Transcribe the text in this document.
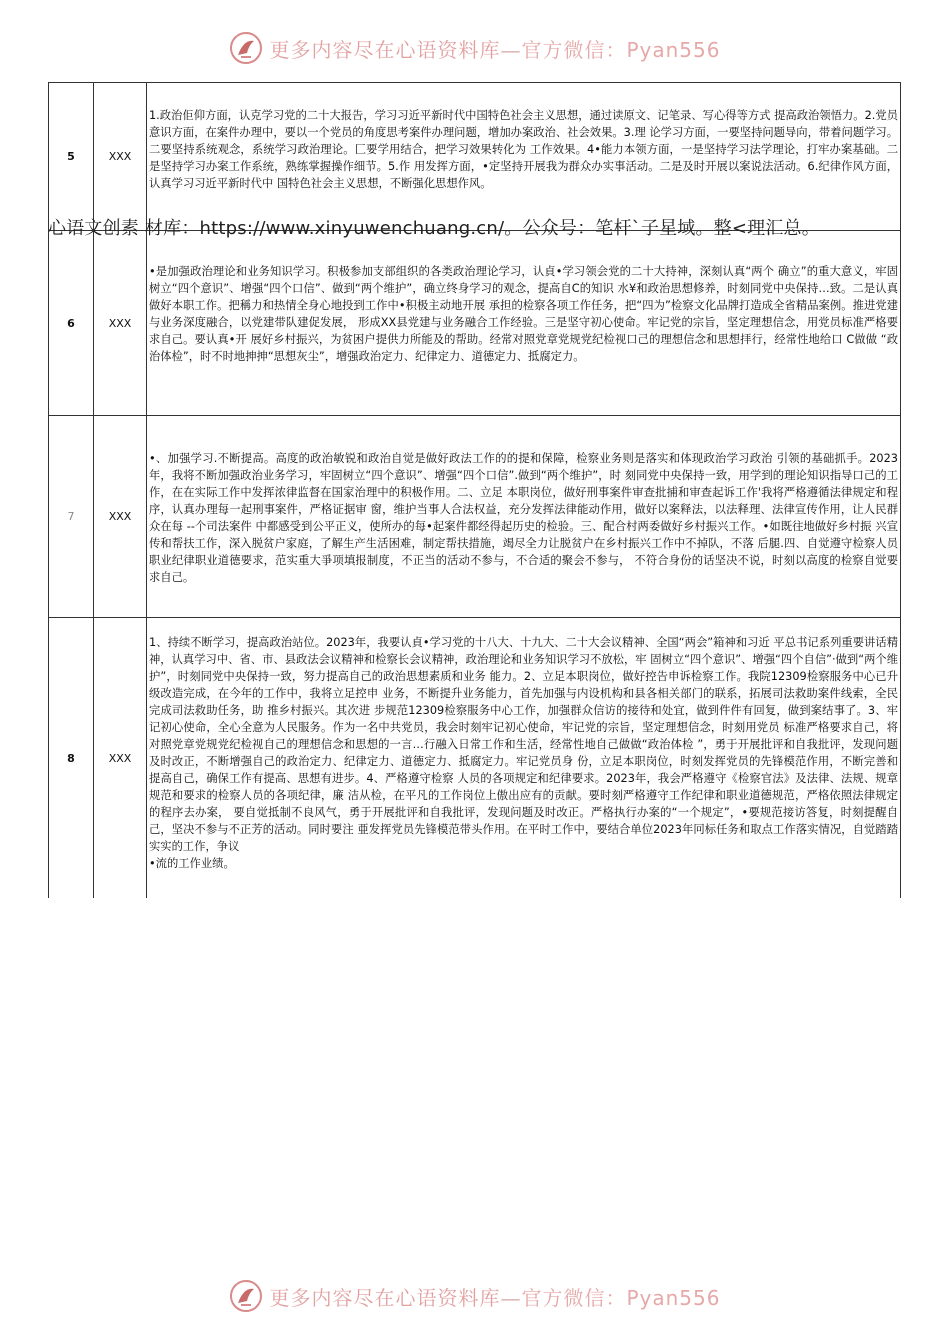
更多内容尽在心语资料库—官方微信：Pyan556
5	XXX	1.政治佢仰方面，认克学习党的二十大报告，学习习近平新时代中国特色社会主义思想，通过读原文、记笔录、写心得等方式 提高政治领悟力。2.党员意识方面，在案件办理中，要以一个党员的角度思考案件办理问题，增加办案政治、社会效果。3.理 论学习方面，一要坚持问题导向，带着问题学习。二要坚持系统观念，系统学习政治理论。匚要学用结合，把学习效果转化为 工作效果。4•能力本领方面，一是坚持学习法学理论，打牢办案基础。二是坚持学习办案工作系统，熟练掌握操作细节。5.作 用发挥方面，•定坚持开展我为群众办实事活动。二是及时开展以案说法活动。6.纪律作风方面，认真学习习近平新时代中 国特色社会主义思想，不断强化思想作风。

6	XXX	•是加强政治理论和业务知识学习。积极参加支部组织的各类政治理论学习，认貞•学习领会党的二十大持神，深刻认真“两个 确立”的重大意义，牢固树立“四个意识”、增强“四个口信”、做到“两个维护”，确立终身学习的观念，提高自C的知识 水¥和政治思想修养，时刻同党中央保持…致。二是认真做好本职工作。把稱力和热情全身心地投到工作中•积极主动地开展 承担的检察各项工作任务，把“四为”检察文化品牌打造成全省精品案例。推进党建与业务深度融合，以党建带队建促发展， 形成XX县党建与业务融合工作经验。三是坚守初心使命。牢记党的宗旨，坚定理想信念，用党员标准严格要求自己。要认真•开 展好乡村振兴，为贫困户提供力所能及的帮助。经常对照党章党规党纪检视口己的理想信念和思想拝行，经常性地给口 C做做 “政治体检”，时不时地抻抻“思想灰尘”，增强政治定力、纪律定力、道德定力、抵腐定力。

7	XXX	•、加强学习.不断提高。高度的政治敏锐和政治自觉是做好政法工作的的提和保障，检察业务则是落实和体现政治学习政治 引领的基础抓手。2023年，我将不断加强政治业务学习，牢固树立“四个意识”、增强“四个口信”.做到“两个维护”，时 刻同党中央保持一致，用学到的理论知识指导口己的工作，在在实际工作中发挥浓律监督在国家治理中的积极作用。二、立足 本职岗位，做好刑事案件审查批捕和审查起诉工作'我将严格遵循法律规定和程序，认真办理每一起刑事案件，严格证据审 窗，维护当事人合法权益，充分发挥法律能动作用，做好以案释法，以法释理、法律宣传作用，让人民群众在每 --个司法案件 中都感受到公平正义，使所办的每•起案件都经得起历史的检验。三、配合村两委做好乡村振兴工作。•如既往地做好乡村振 兴宣传和帮扶工作，深入脱贫户家庭，了解生产生活困难，制定帮扶措施，竭尽全力让脱贫户在乡村振兴工作中不掉队，不落 后腿.四、自觉遵守检察人员职业纪律职业道德要求，范实重大爭项填报制度，不正当的活动不参与，不合适的聚会不参与， 不符合身份的话坚决不说，时刻以高度的检察自觉要求自己。

8	XXX	1、持续不断学习，提高政治站位。2023年，我要认貞•学习党的十八大、十九大、二十大会议精神、全国“两会”箱神和习近 平总书记系列重要讲话精神，认真学习中、省、市、县政法会议精神和检察长会议精神，政治理论和业务知识学习不放松，牢 固树立“四个意识”、增强“四个自信”·做到“两个维护”，时刻同党中央保持一致，努力提高自己的政治思想素质和业务 能力。2、立足本职岗位，做好控告申诉检察工作。我院12309检察服务中心已升级改造完成，在今年的工作中，我将立足控申 业务，不断提升业务能力，首先加强与内设机构和县各相关部门的联系，拓展司法救助案件线索，全民完成司法救助任务，助 推乡村振兴。其次进 步规范12309检察服务中心工作，加强群众信访的接待和处宜，做到件件有回复，做到案结事了。3、牢 记初心使命，全心全意为人民服务。作为一名中共党员，我会时刻牢记初心使命，牢记党的宗旨，坚定理想信念，时刻用党员 标准严格要求自己，将对照党章党规党纪检视自己的理想信念和思想的一言…行融入日常工作和生活，经常性地自己做做“政治体检 ”，勇于开展批评和自我批评，发现问题及时改正，不断增强自己的政治定力、纪律定力、道德定力、抵腐定力。牢记党员身 份，立足本职岗位，时刻发挥党员的先锋模范作用，不断完善和提高自己，确保工作有提高、思想有进步。4、严格遵守检察 人员的各项规定和纪律要求。2023年，我会严格遵守《检察官法》及法律、法规、规章规范和要求的检察人员的各项纪律，廉 洁从检，在平凡的工作岗位上傲出应有的贡献。要时刻严格遵守工作纪律和职业道德规范，严格依照法律规定的程序去办案， 要自觉抵制不良风气，勇于开展批评和自我批评，发现问题及时改正。严格执行办案的“一个规定”，•要规范接访答复，时刻提醒自己，坚决不参与不正芳的活动。同时要注 亜发挥党员先锋模范带头作用。在平时工作中，要结合单位2023年冋标任务和取点工作落实情况，自觉踏踏实实的工作，争议
•流的工作业绩。
心语文创素 材库：https://www.xinyuwenchuang.cn/。公众号：笔杆`子星域。整<理汇总。
更多内容尽在心语资料库—官方微信：Pyan556
